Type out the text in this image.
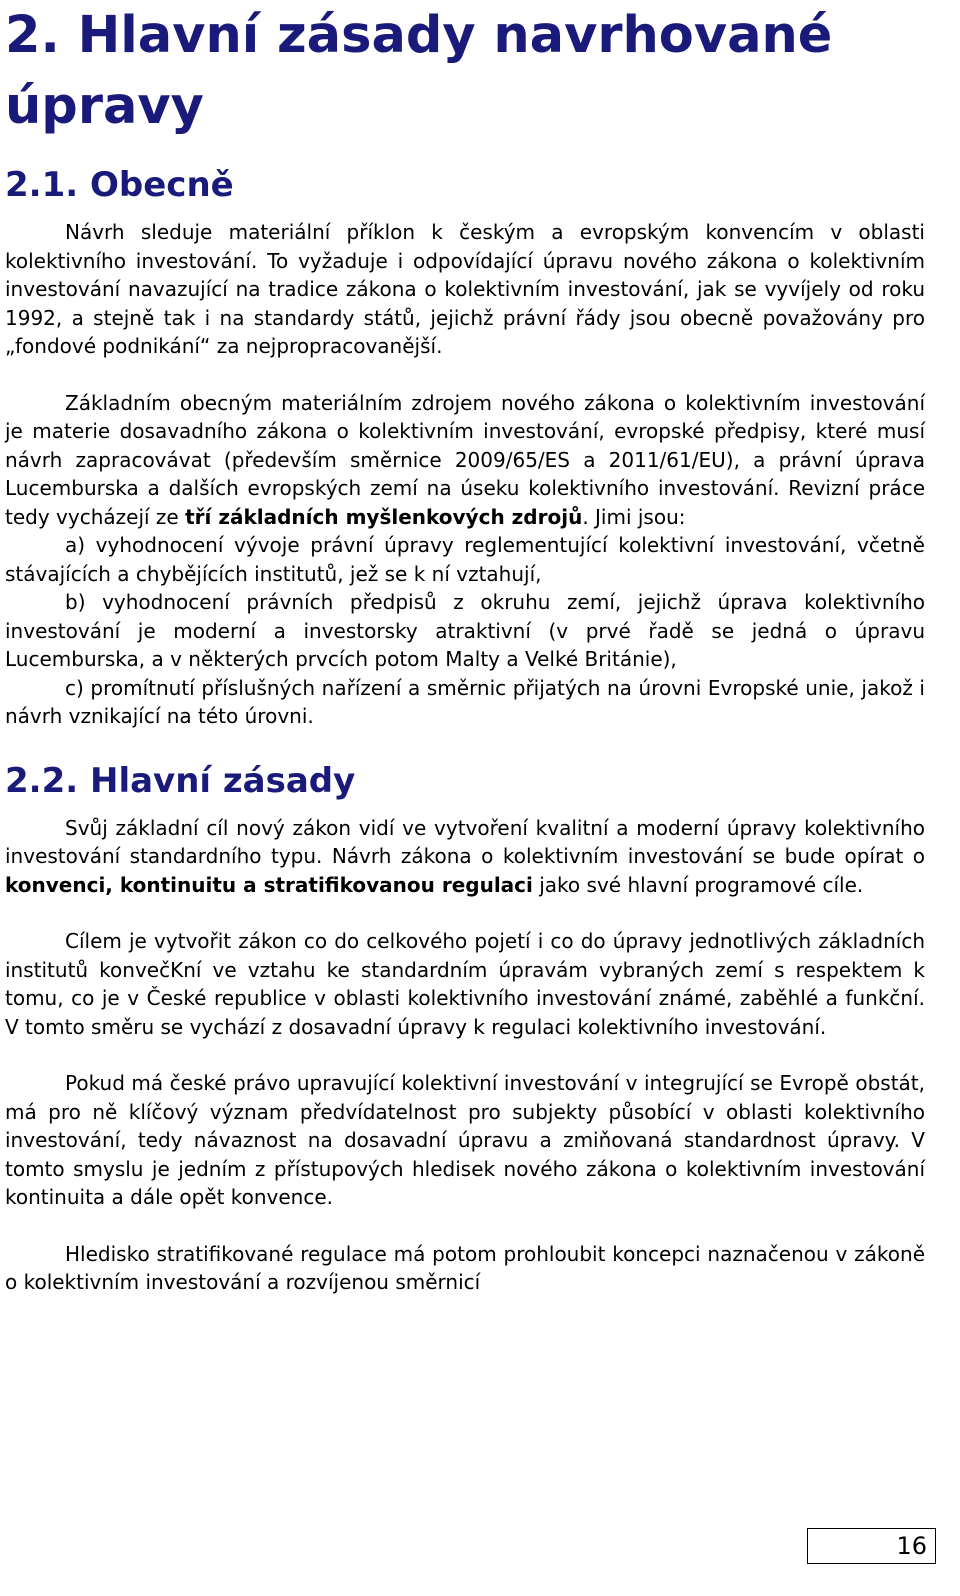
2. Hlavní zásady navrhované úpravy
2.1. Obecně

Návrh sleduje materiální příklon k českým a evropským konvencím v oblasti kolektivního investování. To vyžaduje i odpovídající úpravu nového zákona o kolektivním investování navazující na tradice zákona o kolektivním investování, jak se vyvíjely od roku 1992, a stejně tak i na standardy států, jejichž právní řády jsou obecně považovány pro „fondové podnikání“ za nejpropracovanější.

Základním obecným materiálním zdrojem nového zákona o kolektivním investování je materie dosavadního zákona o kolektivním investování, evropské předpisy, které musí návrh zapracovávat (především směrnice 2009/65/ES a 2011/61/EU), a právní úprava Lucemburska a dalších evropských zemí na úseku kolektivního investování. Revizní práce tedy vycházejí ze tří základních myšlenkových zdrojů. Jimi jsou:

a) vyhodnocení vývoje právní úpravy reglementující kolektivní investování, včetně stávajících a chybějících institutů, jež se k ní vztahují,

b) vyhodnocení právních předpisů z okruhu zemí, jejichž úprava kolektivního investování je moderní a investorsky atraktivní (v prvé řadě se jedná o úpravu Lucemburska, a v některých prvcích potom Malty a Velké Británie),

c) promítnutí příslušných nařízení a směrnic přijatých na úrovni Evropské unie, jakož i návrh vznikající na této úrovni.

2.2. Hlavní zásady

Svůj základní cíl nový zákon vidí ve vytvoření kvalitní a moderní úpravy kolektivního investování standardního typu. Návrh zákona o kolektivním investování se bude opírat o konvenci, kontinuitu a stratifikovanou regulaci jako své hlavní programové cíle.

Cílem je vytvořit zákon co do celkového pojetí i co do úpravy jednotlivých základních institutů konvečKní ve vztahu ke standardním úpravám vybraných zemí s respektem k tomu, co je v České republice v oblasti kolektivního investování známé, zaběhlé a funkční. V tomto směru se vychází z dosavadní úpravy k regulaci kolektivního investování.

Pokud má české právo upravující kolektivní investování v integrující se Evropě obstát, má pro ně klíčový význam předvídatelnost pro subjekty působící v oblasti kolektivního investování, tedy návaznost na dosavadní úpravu a zmiňovaná standardnost úpravy. V tomto smyslu je jedním z přístupových hledisek nového zákona o kolektivním investování kontinuita a dále opět konvence.

Hledisko stratifikované regulace má potom prohloubit koncepci naznačenou v zákoně o kolektivním investování a rozvíjenou směrnicí

16
